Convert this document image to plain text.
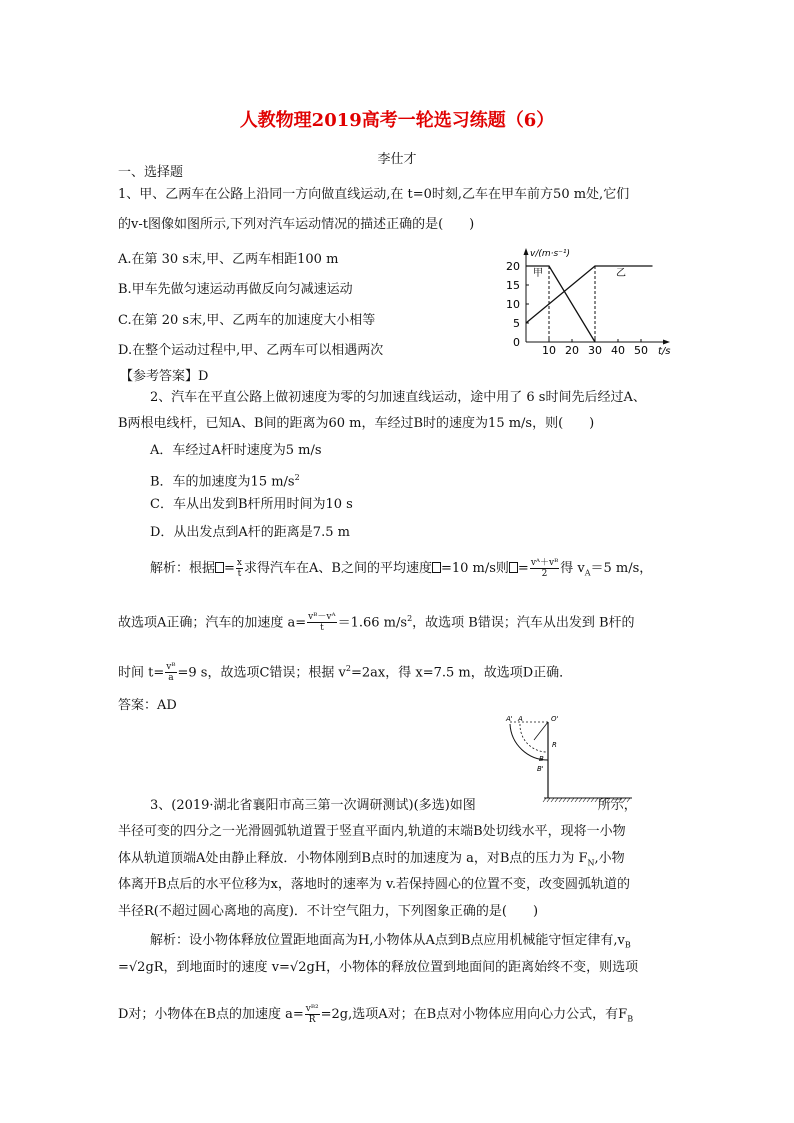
人教物理2019高考一轮选习练题（6）
李仕才
一、选择题
1、甲、乙两车在公路上沿同一方向做直线运动,在 t=0时刻,乙车在甲车前方50 m处,它们
的v-t图像如图所示,下列对汽车运动情况的描述正确的是(　　)
A.在第 30 s末,甲、乙两车相距100 m
B.甲车先做匀速运动再做反向匀减速运动
C.在第 20 s末,甲、乙两车的加速度大小相等
D.在整个运动过程中,甲、乙两车可以相遇两次
【参考答案】D
v/(m·s⁻¹)
t/s
20
15
10
5
0
10 20 30 40 50
甲	乙
2、汽车在平直公路上做初速度为零的匀加速直线运动，途中用了 6 s时间先后经过A、
B两根电线杆，已知A、B间的距离为60 m，车经过B时的速度为15 m/s，则(　　)
A．车经过A杆时速度为5 m/s
B．车的加速度为15 $m/s^2$
C．车从出发到B杆所用时间为10 s
D．从出发点到A杆的距离是7.5 m
解析：根据 = $\frac{x}{t}$ 求得汽车在A、B之间的平均速度 =10 m/s则 = $\frac{\text{vᴬ＋vᴮ}}{2}$ 得 $v_A=5$ m/s，
故选项A正确；汽车的加速度 $a= \frac{\text{vᴮ－vᴬ}}{t} =1.66$ $m/s^2$，故选项 B错误；汽车从出发到 B杆的
时间 $t= \frac{\text{vᴮ}}{a} =9$ s，故选项C错误；根据 $v^2=2ax$，得 x=7.5 m，故选项D正确．
答案：AD
A' A	O'
R
B
B'
3、(2019·湖北省襄阳市高三第一次调研测试)(多选)如图	所示，
半径可变的四分之一光滑圆弧轨道置于竖直平面内,轨道的末端B处切线水平，现将一小物
体从轨道顶端A处由静止释放．小物体刚到B点时的加速度为 a，对B点的压力为 $F_N$,小物
体离开B点后的水平位移为x，落地时的速率为 v.若保持圆心的位置不变，改变圆弧轨道的
半径R(不超过圆心离地的高度)．不计空气阻力，下列图象正确的是(　　)
解析：设小物体释放位置距地面高为H,小物体从A点到B点应用机械能守恒定律有$,v_B$
=√2gR，到地面时的速度 v=√2gH，小物体的释放位置到地面间的距离始终不变，则选项
D对；小物体在B点的加速度 $a= \frac{\text{vᴮ²}}{R} =2g$,选项A对；在B点对小物体应用向心力公式，有$F_B$
